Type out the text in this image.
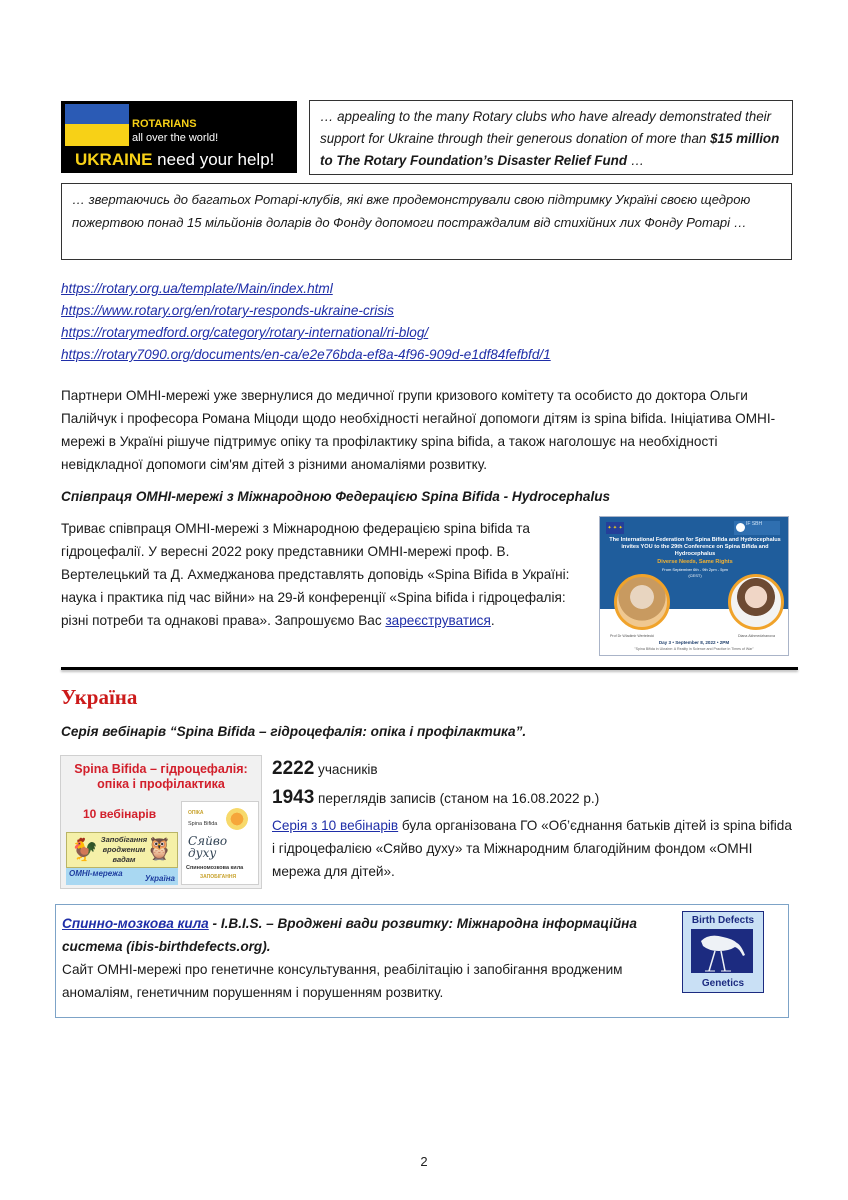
ROTARIANS
all over the world!
UKRAINE need your help!
… appealing to the many Rotary clubs who have already demonstrated their support for Ukraine through their generous donation of more than $15 million to The Rotary Foundation’s Disaster Relief Fund …
… звертаючись до багатьох Ротарі-клубів, які вже продемонстрували свою підтримку Україні своєю щедрою пожертвою понад 15 мільйонів доларів до Фонду допомоги постраждалим від стихійних лих Фонду Ротарі …
https://rotary.org.ua/template/Main/index.html
https://www.rotary.org/en/rotary-responds-ukraine-crisis
https://rotarymedford.org/category/rotary-international/ri-blog/
https://rotary7090.org/documents/en-ca/e2e76bda-ef8a-4f96-909d-e1df84fefbfd/1
Партнери ОМНІ-мережі уже звернулися до медичної групи кризового комітету та особисто до доктора Ольги Палійчук і професора Романа Міцоди щодо необхідності негайної допомоги дітям із spina bifida. Ініціатива ОМНІ-мережі в Україні рішуче підтримує опіку та профілактику spina bifida, а також наголошує на необхідності невідкладної допомоги сім'ям дітей з різними аномаліями розвитку.
Співпраця ОМНІ-мережі з Міжнародною Федерацією Spina Bifida - Hydrocephalus
Триває співпраця ОМНІ-мережі з Міжнародною федерацією spina bifida та гідроцефалії. У вересні 2022 року представники ОМНІ-мережі проф. В. Вертелецький та Д. Ахмеджанова представлять доповідь «Spina Bifida в Україні: наука і практика під час війни» на 29-й конференції «Spina bifida і гідроцефалія: різні потреби та однакові права». Запрошуємо Вас зареєструватися.
✦ ✦ ✦
IF SBH
The International Federation for Spina Bifida and Hydrocephalus invites YOU to the 29th Conference on Spina Bifida and Hydrocephalus
Diverse Needs, Same Rights
From September 6th - 9th 2pm - 5pm (CEST)
Prof Dr Wladimir Wertelecki	Diana Akhmedzhanova
Day 3 • September 8, 2022 • 2PM
"Spina Bifida in Ukraine: A Reality in Science and Practice in Times of War"
Україна
Серія вебінарів “Spina Bifida – гідроцефалія: опіка і профілактика”.
Spina Bifida – гідроцефалія: опіка і профілактика
10 вебінарів
🐓 Запобігання вродженим вадам 🦉
ОМНІ-мережа
Україна
ОПІКА
Spina Bifida
Сяйво духу
Спинномозкова кила
ЗАПОБІГАННЯ
2222 учасників
1943 переглядів записів (станом на 16.08.2022 р.)
Серія з 10 вебінарів була організована ГО «Об’єднання батьків дітей із spina bifida і гідроцефалією «Сяйво духу» та Міжнародним благодійним фондом «ОМНІ мережа для дітей».
Спинно-мозкова кила - I.B.I.S. – Вроджені вади розвитку: Міжнародна інформаційна система (ibis-birthdefects.org).
Сайт ОМНІ-мережі про генетичне консультування, реабілітацію і запобігання вродженим аномаліям, генетичним порушенням і порушенням розвитку.
Birth Defects
Genetics
2
